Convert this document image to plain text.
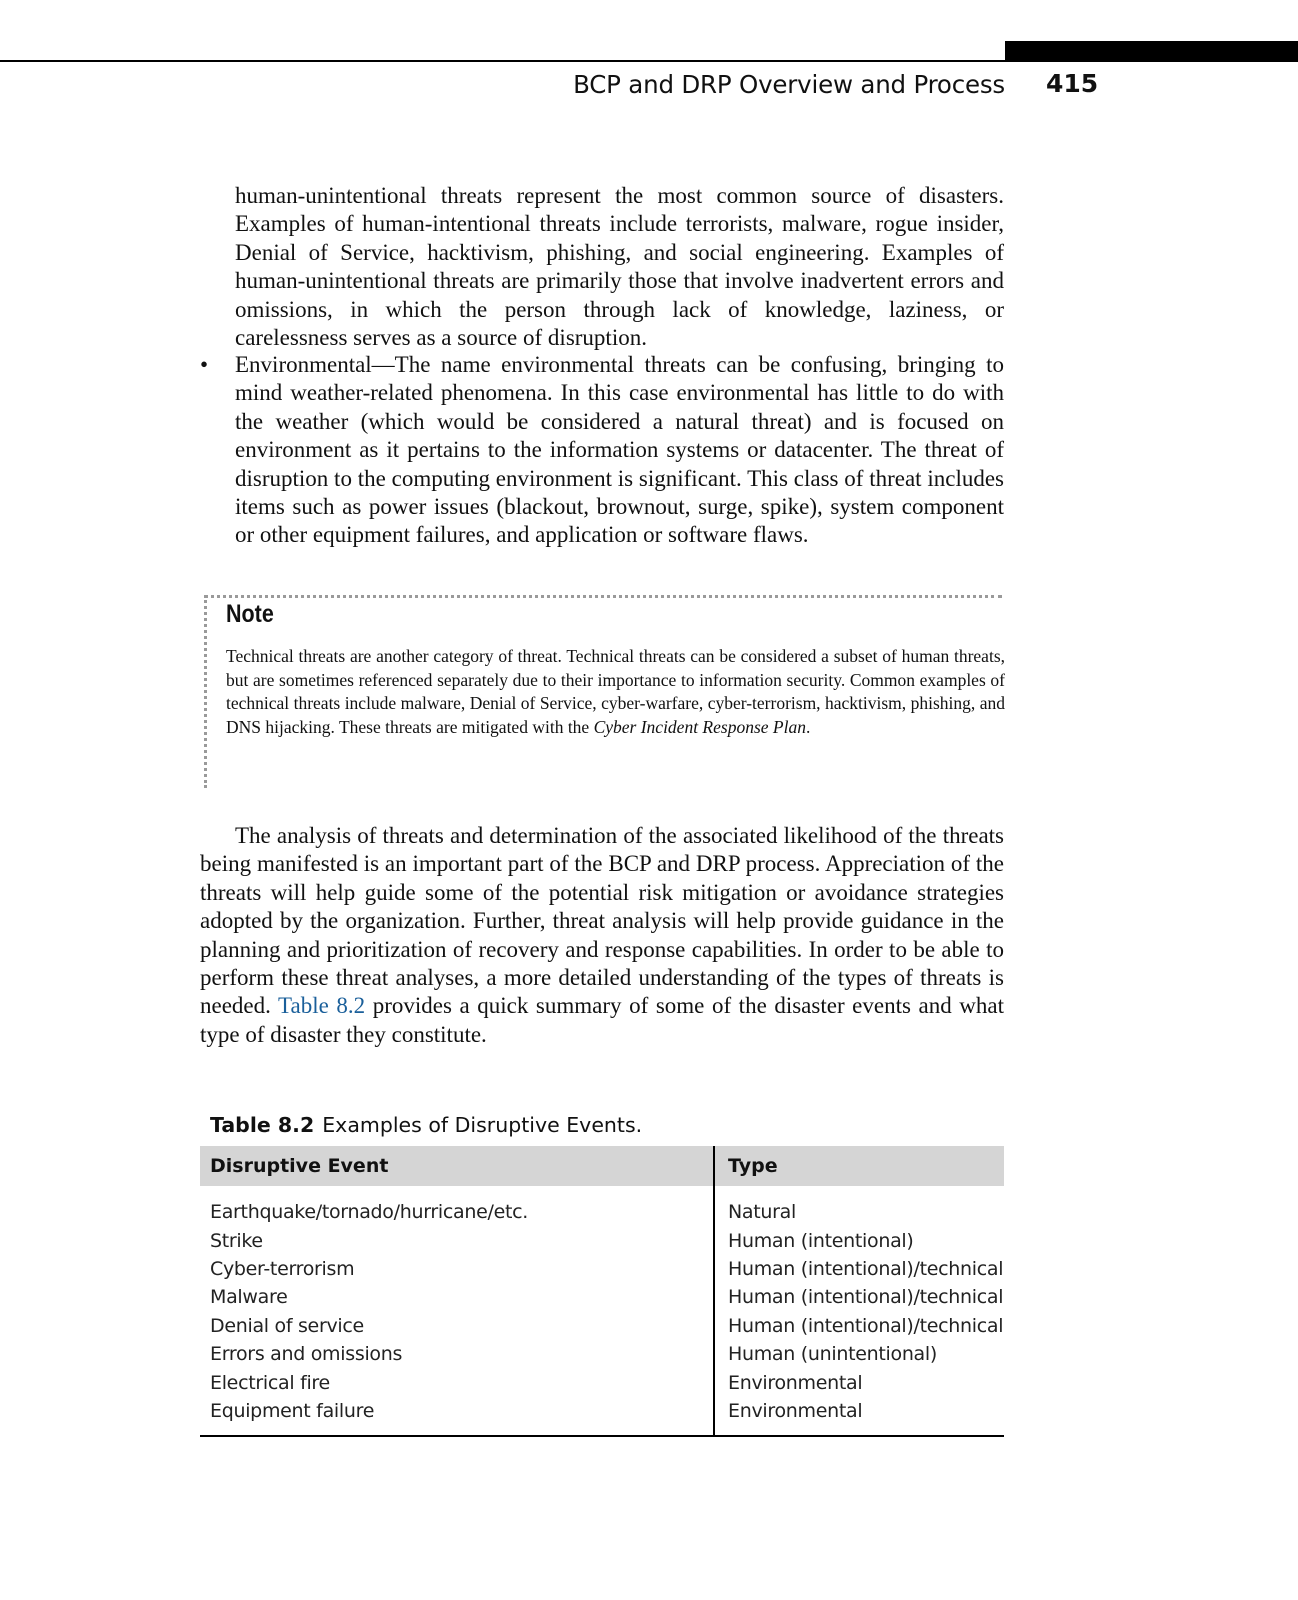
BCP and DRP Overview and Process 415

human-unintentional threats represent the most common source of disasters. Examples of human-intentional threats include terrorists, malware, rogue insider, Denial of Service, hacktivism, phishing, and social engineering. Examples of human-unintentional threats are primarily those that involve inadvertent errors and omissions, in which the person through lack of knowledge, laziness, or carelessness serves as a source of disruption.

• Environmental—The name environmental threats can be confusing, bringing to mind weather-related phenomena. In this case environmental has little to do with the weather (which would be considered a natural threat) and is focused on environment as it pertains to the information systems or datacenter. The threat of disruption to the computing environment is significant. This class of threat includes items such as power issues (blackout, brownout, surge, spike), system component or other equipment failures, and application or software flaws.

Note

Technical threats are another category of threat. Technical threats can be considered a subset of human threats, but are sometimes referenced separately due to their importance to information security. Common examples of technical threats include malware, Denial of Service, cyber-warfare, cyber-terrorism, hacktivism, phishing, and DNS hijacking. These threats are mitigated with the Cyber Incident Response Plan.

The analysis of threats and determination of the associated likelihood of the threats being manifested is an important part of the BCP and DRP process. Appreciation of the threats will help guide some of the potential risk mitigation or avoidance strategies adopted by the organization. Further, threat analysis will help provide guidance in the planning and prioritization of recovery and response capabilities. In order to be able to perform these threat analyses, a more detailed understanding of the types of threats is needed. Table 8.2 provides a quick summary of some of the disaster events and what type of disaster they constitute.

Table 8.2 Examples of Disruptive Events.
Disruptive Event	Type

Earthquake/tornado/hurricane/etc.	Natural
Strike	Human (intentional)
Cyber-terrorism	Human (intentional)/technical
Malware	Human (intentional)/technical
Denial of service	Human (intentional)/technical
Errors and omissions	Human (unintentional)
Electrical fire	Environmental
Equipment failure	Environmental
